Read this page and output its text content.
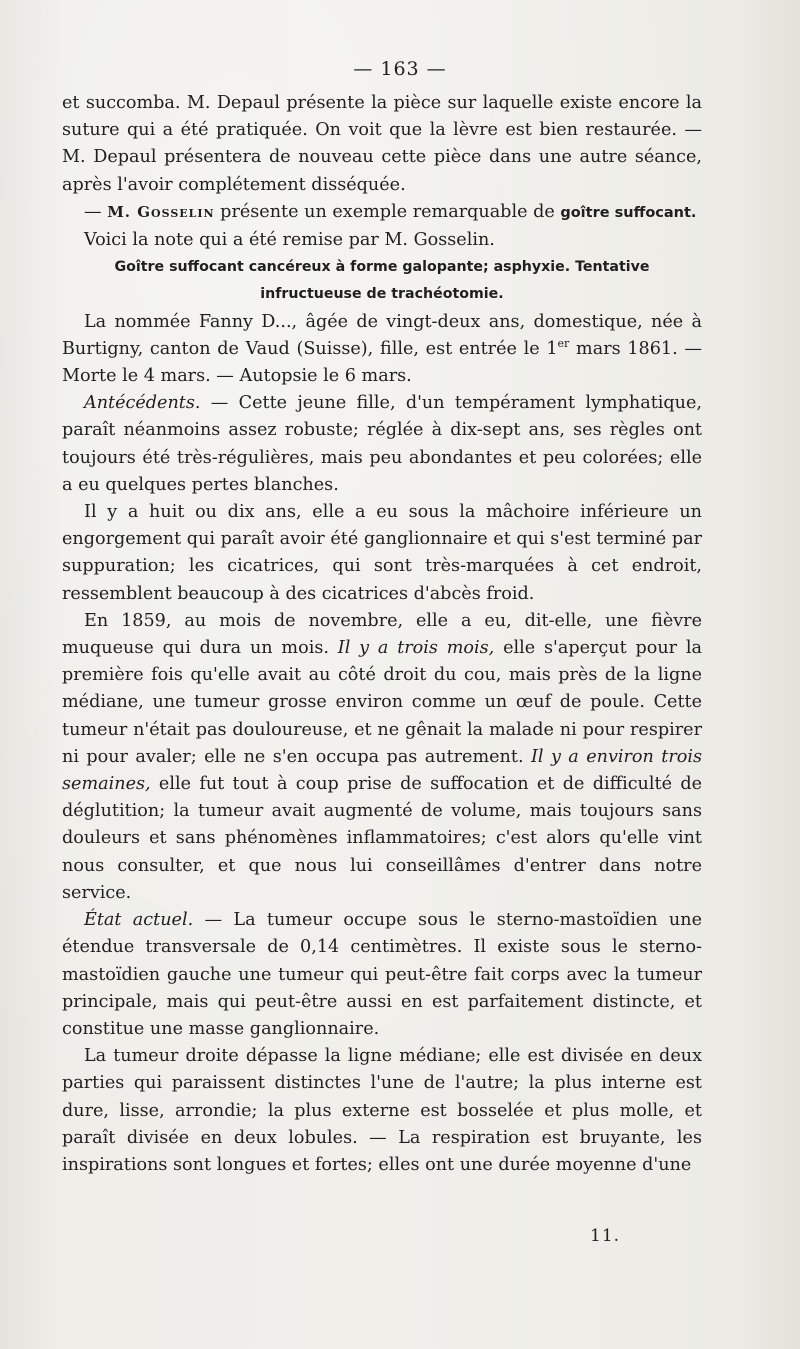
— 163 —

et succomba. M. Depaul présente la pièce sur laquelle existe encore la suture qui a été pratiquée. On voit que la lèvre est bien restaurée. — M. Depaul présentera de nouveau cette pièce dans une autre séance, après l'avoir complétement disséquée.

— M. Gosselin présente un exemple remarquable de goître suffocant.

Voici la note qui a été remise par M. Gosselin.

Goître suffocant cancéreux à forme galopante; asphyxie. Tentative
infructueuse de trachéotomie.

La nommée Fanny D..., âgée de vingt-deux ans, domestique, née à Burtigny, canton de Vaud (Suisse), fille, est entrée le 1er mars 1861. — Morte le 4 mars. — Autopsie le 6 mars.

Antécédents. — Cette jeune fille, d'un tempérament lymphatique, paraît néanmoins assez robuste; réglée à dix-sept ans, ses règles ont toujours été très-régulières, mais peu abondantes et peu colorées; elle a eu quelques pertes blanches.

Il y a huit ou dix ans, elle a eu sous la mâchoire inférieure un engorgement qui paraît avoir été ganglionnaire et qui s'est terminé par suppuration; les cicatrices, qui sont très-marquées à cet endroit, ressemblent beaucoup à des cicatrices d'abcès froid.

En 1859, au mois de novembre, elle a eu, dit-elle, une fièvre muqueuse qui dura un mois. Il y a trois mois, elle s'aperçut pour la première fois qu'elle avait au côté droit du cou, mais près de la ligne médiane, une tumeur grosse environ comme un œuf de poule. Cette tumeur n'était pas douloureuse, et ne gênait la malade ni pour respirer ni pour avaler; elle ne s'en occupa pas autrement. Il y a environ trois semaines, elle fut tout à coup prise de suffocation et de difficulté de déglutition; la tumeur avait augmenté de volume, mais toujours sans douleurs et sans phénomènes inflammatoires; c'est alors qu'elle vint nous consulter, et que nous lui conseillâmes d'entrer dans notre service.

État actuel. — La tumeur occupe sous le sterno-mastoïdien une étendue transversale de 0,14 centimètres. Il existe sous le sterno-mastoïdien gauche une tumeur qui peut-être fait corps avec la tumeur principale, mais qui peut-être aussi en est parfaitement distincte, et constitue une masse ganglionnaire.

La tumeur droite dépasse la ligne médiane; elle est divisée en deux parties qui paraissent distinctes l'une de l'autre; la plus interne est dure, lisse, arrondie; la plus externe est bosselée et plus molle, et paraît divisée en deux lobules. — La respiration est bruyante, les inspirations sont longues et fortes; elles ont une durée moyenne d'une

11.
